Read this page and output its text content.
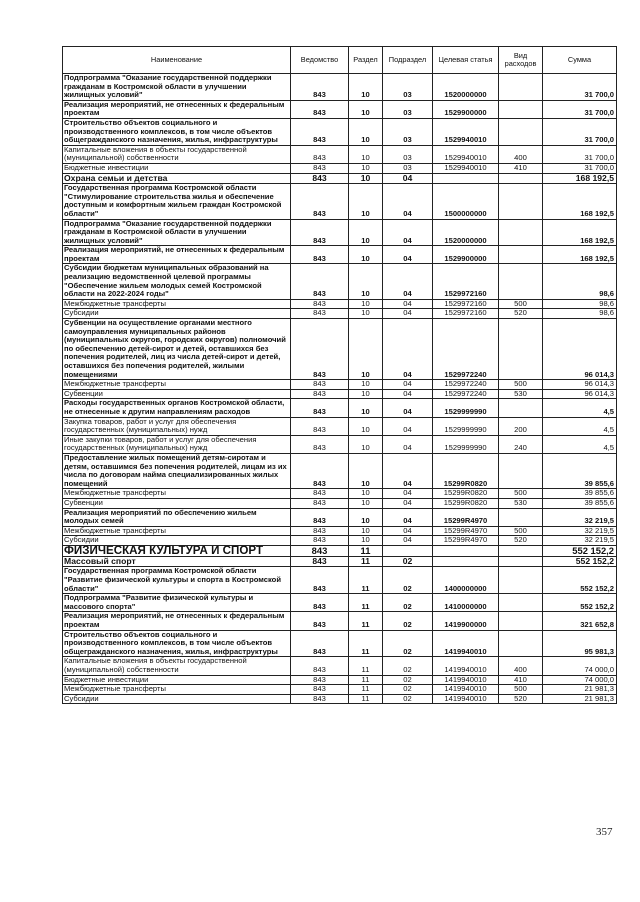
Наименование	Ведомство	Раздел	Подраздел	Целевая статья	Вид расходов	Сумма
Подпрограмма "Оказание государственной поддержки гражданам в Костромской области в улучшении жилищных условий"	843	10	03	1520000000		31 700,0
Реализация мероприятий, не отнесенных к федеральным проектам	843	10	03	1529900000		31 700,0
Строительство объектов социального и производственного комплексов, в том числе объектов общегражданского назначения, жилья, инфраструктуры	843	10	03	1529940010		31 700,0
Капитальные вложения в объекты государственной (муниципальной) собственности	843	10	03	1529940010	400	31 700,0
Бюджетные инвестиции	843	10	03	1529940010	410	31 700,0
Охрана семьи и детства	843	10	04			168 192,5
Государственная программа Костромской области "Стимулирование строительства жилья и обеспечение доступным и комфортным жильем граждан Костромской области"	843	10	04	1500000000		168 192,5
Подпрограмма "Оказание государственной поддержки гражданам в Костромской области в улучшении жилищных условий"	843	10	04	1520000000		168 192,5
Реализация мероприятий, не отнесенных к федеральным проектам	843	10	04	1529900000		168 192,5
Субсидии бюджетам муниципальных образований на реализацию ведомственной целевой программы "Обеспечение жильем молодых семей Костромской области на 2022-2024 годы"	843	10	04	1529972160		98,6
Межбюджетные трансферты	843	10	04	1529972160	500	98,6
Субсидии	843	10	04	1529972160	520	98,6
Субвенции на осуществление органами местного самоуправления муниципальных районов (муниципальных округов, городских округов) полномочий по обеспечению детей-сирот и детей, оставшихся без попечения родителей, лиц из числа детей-сирот и детей, оставшихся без попечения родителей, жилыми помещениями	843	10	04	1529972240		96 014,3
Межбюджетные трансферты	843	10	04	1529972240	500	96 014,3
Субвенции	843	10	04	1529972240	530	96 014,3
Расходы государственных органов Костромской области, не отнесенные к другим направлениям расходов	843	10	04	1529999990		4,5
Закупка товаров, работ и услуг для обеспечения государственных (муниципальных) нужд	843	10	04	1529999990	200	4,5
Иные закупки товаров, работ и услуг для обеспечения государственных (муниципальных) нужд	843	10	04	1529999990	240	4,5
Предоставление жилых помещений детям-сиротам и детям, оставшимся без попечения родителей, лицам из их числа по договорам найма специализированных жилых помещений	843	10	04	15299R0820		39 855,6
Межбюджетные трансферты	843	10	04	15299R0820	500	39 855,6
Субвенции	843	10	04	15299R0820	530	39 855,6
Реализация мероприятий по обеспечению жильем молодых семей	843	10	04	15299R4970		32 219,5
Межбюджетные трансферты	843	10	04	15299R4970	500	32 219,5
Субсидии	843	10	04	15299R4970	520	32 219,5
ФИЗИЧЕСКАЯ КУЛЬТУРА И СПОРТ	843	11				552 152,2
Массовый спорт	843	11	02			552 152,2
Государственная программа Костромской области "Развитие физической культуры и спорта в Костромской области"	843	11	02	1400000000		552 152,2
Подпрограмма "Развитие физической культуры и массового спорта"	843	11	02	1410000000		552 152,2
Реализация мероприятий, не отнесенных к федеральным проектам	843	11	02	1419900000		321 652,8
Строительство объектов социального и производственного комплексов, в том числе объектов общегражданского назначения, жилья, инфраструктуры	843	11	02	1419940010		95 981,3
Капитальные вложения в объекты государственной (муниципальной) собственности	843	11	02	1419940010	400	74 000,0
Бюджетные инвестиции	843	11	02	1419940010	410	74 000,0
Межбюджетные трансферты	843	11	02	1419940010	500	21 981,3
Субсидии	843	11	02	1419940010	520	21 981,3
357
